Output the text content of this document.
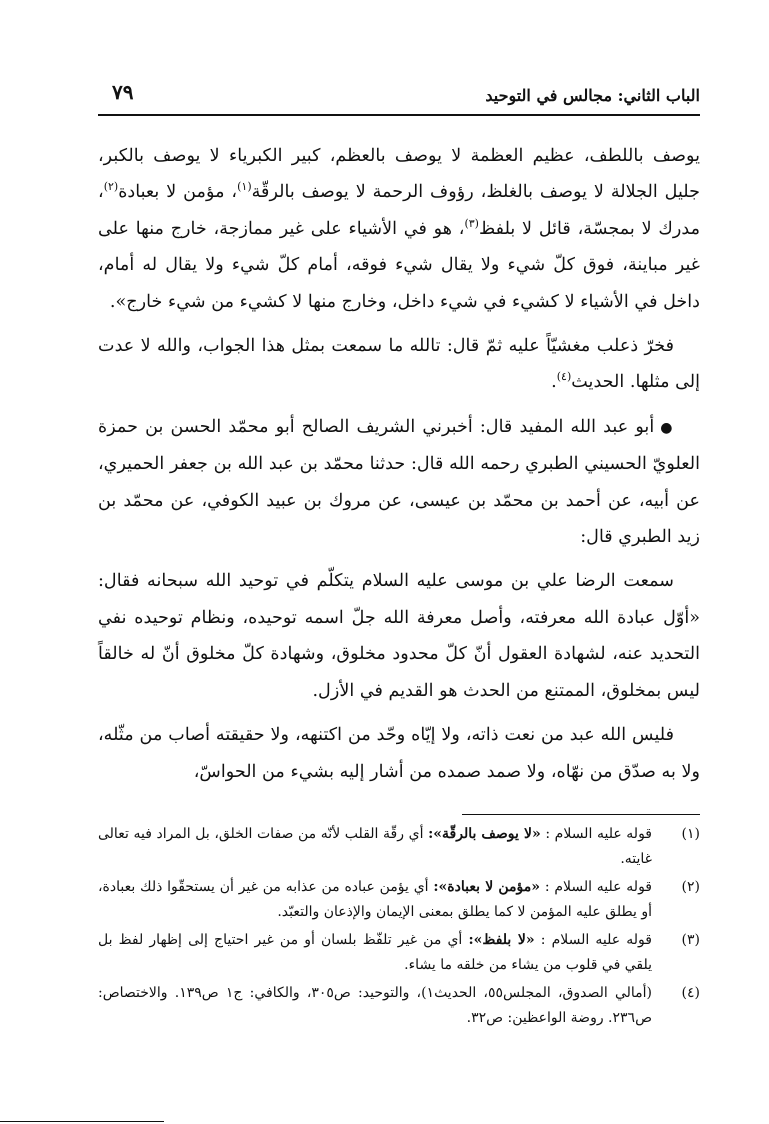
الباب الثاني: مجالس في التوحيد
٧٩

يوصف باللطف، عظيم العظمة لا يوصف بالعظم، كبير الكبرياء لا يوصف بالكبر، جليل الجلالة لا يوصف بالغلظ، رؤوف الرحمة لا يوصف بالرقّة$^{(١)}$، مؤمن لا بعبادة$^{(٢)}$، مدرك لا بمجسّة، قائل لا بلفظ$^{(٣)}$، هو في الأشياء على غير ممازجة، خارج منها على غير مباينة، فوق كلّ شيء ولا يقال شيء فوقه، أمام كلّ شيء ولا يقال له أمام، داخل في الأشياء لا كشيء في شيء داخل، وخارج منها لا كشيء من شيء خارج».

فخرّ ذعلب مغشيّاً عليه ثمّ قال: تالله ما سمعت بمثل هذا الجواب، والله لا عدت إلى مثلها. الحديث$^{(٤)}$.

●أبو عبد الله المفيد قال: أخبرني الشريف الصالح أبو محمّد الحسن بن حمزة العلويّ الحسيني الطبري رحمه الله قال: حدثنا محمّد بن عبد الله بن جعفر الحميري، عن أبيه، عن أحمد بن محمّد بن عيسى، عن مروك بن عبيد الكوفي، عن محمّد بن زيد الطبري قال:

سمعت الرضا علي بن موسى عليه السلام يتكلّم في توحيد الله سبحانه فقال: «أوّل عبادة الله معرفته، وأصل معرفة الله جلّ اسمه توحيده، ونظام توحيده نفي التحديد عنه، لشهادة العقول أنّ كلّ محدود مخلوق، وشهادة كلّ مخلوق أنّ له خالقاً ليس بمخلوق، الممتنع من الحدث هو القديم في الأزل.

فليس الله عبد من نعت ذاته، ولا إيّاه وحّد من اكتنهه، ولا حقيقته أصاب من مثّله، ولا به صدّق من نهّاه، ولا صمد صمده من أشار إليه بشيء من الحواسّ،

( ١ )
قوله عليه السلام : «لا يوصف بالرقّة»: أي رقّة القلب لأنّه من صفات الخلق، بل المراد فيه تعالى غايته.
( ٢ )
قوله عليه السلام : «مؤمن لا بعبادة»: أي يؤمن عباده من عذابه من غير أن يستحقّوا ذلك بعبادة، أو يطلق عليه المؤمن لا كما يطلق بمعنى الإيمان والإذعان والتعبّد.
( ٣ )
قوله عليه السلام : «لا بلفظ»: أي من غير تلفّظ بلسان أو من غير احتياج إلى إظهار لفظ بل يلقي في قلوب من يشاء من خلقه ما يشاء.
( ٤ )
(أمالي الصدوق، المجلس٥٥، الحديث١)، والتوحيد: ص٣٠٥، والكافي: ج١ ص١٣٩. والاختصاص: ص٢٣٦. روضة الواعظين: ص٣٢.
